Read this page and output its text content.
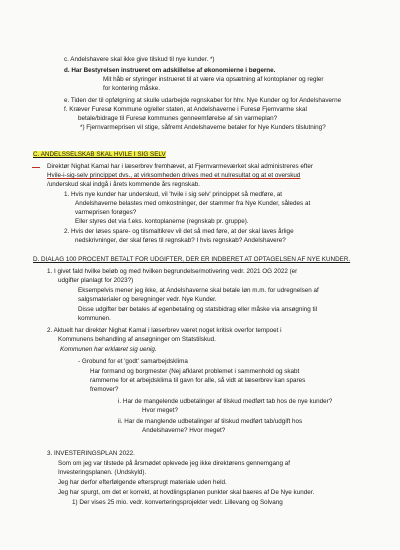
c. Andelshavere skal ikke give tilskud til nye kunder. *)
d. Har Bestyrelsen instrueret om adskillelse af økonomierne i bøgerne.
Mit håb er styringer instrueret til at være via opsætning af kontoplaner og regler
for kontering måske.
e. Tiden der til opfølgning at skulle udarbejde regnskaber for hhv. Nye Kunder og for Andelshaverne
f. Kræver Furesø Kommune og/eller staten, at Andelshaverne i Furesø Fjernvarme skal
betale/bidrage til Furesø kommunes genneemførelse af sin varmeplan?
*) Fjernvarmeprisen vil stige, såfremt Andelshaverne betaler for Nye Kunders tilslutning?
C. ANDELSSELSKAB SKAL HVILE I SIG SELV
Direktør Nighat Kamal har i læserbrev fremhævet, at Fjernvarmeværket skal administreres efter
Hvile-i-sig-selv princippet dvs., at virksomheden drives med et nulresultat og at et overskud
/underskud skal indgå i årets kommende års regnskab.
1. Hvis nye kunder har underskud, vil 'hvile i sig selv' princippet så medføre, at
Andelshaverne belastes med omkostninger, der stammer fra Nye Kunder, således at
varmeprisen forøges?
Eller styres det via f.eks. kontoplanerne (regnskab pr. gruppe).
2. Hvis der løses spare- og tilsmaltikrev vil det så med føre, at der skal laves årlige
nedskrivninger, der skal føres til regnskab? I hvis regnskab? Andelshavere?
D. DIALAG 100 PROCENT BETALT FOR UDGIFTER, DER ER INDBERET AT OPTAGELSEN AF NYE KUNDER.
1. I givet fald hvilke beløb og med hvilken begrundelse/motivering vedr. 2021 OG 2022 (er
udgifter planlagt for 2023?)
Eksempelvis mener jeg ikke, at Andelshaverne skal betale løn m.m. for udregnelsen af
salgsmaterialer og beregninger vedr. Nye Kunder.
Disse udgifter bør betales af egenbetaling og statsbidrag eller måske via ansøgning til
kommunen.
2. Aktuelt har direktør Nighat Kamal i læserbrev været noget kritisk overfor tempoet i
Kommunens behandling af ansøgninger om Statstilskud.
Kommunen har erklæret sig uenig.
- Grobund for et 'godt' samarbejdsklima
Har formand og borgmester (Nej afklaret problemet i sammenhold og skabt
rammerne for et arbejdsklima til gavn for alle, så vidt at læserbrev kan spares
fremover?
i. Har de mangelende udbetalinger af tilskud medført tab hos de nye kunder?
Hvor meget?
ii. Har de manglende udbetalinger af tilskud medført tab/udgift hos
Andelshaverne? Hvor meget?
3. INVESTERINGSPLAN 2022.
Som om jeg var tilstede på årsmødet oplevede jeg ikke direktørens gennemgang af
Investeringsplanen. (Undskyld).
Jeg har derfor efterfølgende eftersprugt materiale uden held.
Jeg har spurgt, om det er korrekt, at hovdlingsplanen punkter skal baeres af De Nye kunder.
1) Der vises 25 mio. vedr. konverteringsprojekter vedr. Lillevang og Solvang
